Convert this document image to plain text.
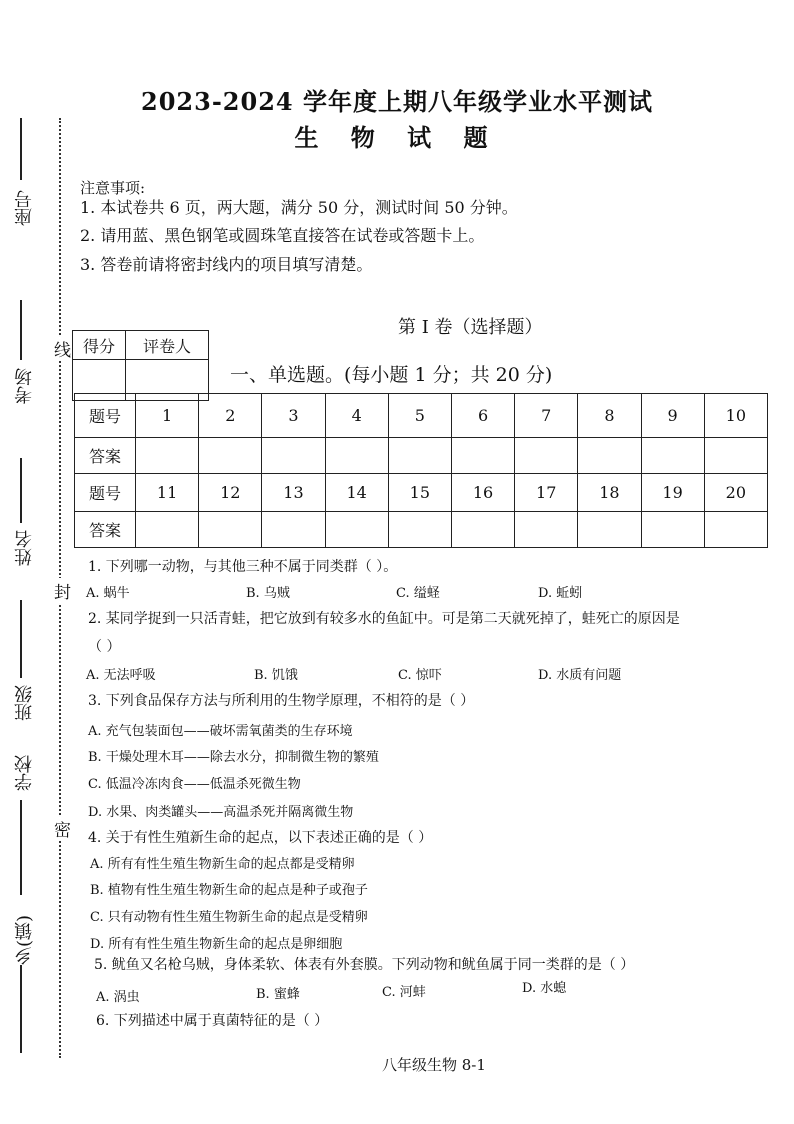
2023-2024 学年度上期八年级学业水平测试
生 物 试 题
注意事项:
1. 本试卷共 6 页，两大题，满分 50 分，测试时间 50 分钟。
2. 请用蓝、黑色钢笔或圆珠笔直接答在试卷或答题卡上。
3. 答卷前请将密封线内的项目填写清楚。
座号
考场
姓名
班级
学校
乡(镇)
线
封
密
第 I 卷（选择题）
得分	评卷人

一、单选题。(每小题 1 分；共 20 分)
题号	1	2	3	4	5	6	7	8	9	10
答案										
题号	11	12	13	14	15	16	17	18	19	20
答案										
1. 下列哪一动物，与其他三种不属于同类群（ ）。
A. 蜗牛	B. 乌贼	C. 缢蛏	D. 蚯蚓
2. 某同学捉到一只活青蛙，把它放到有较多水的鱼缸中。可是第二天就死掉了，蛙死亡的原因是
（ ）
A. 无法呼吸	B. 饥饿	C. 惊吓	D. 水质有问题
3. 下列食品保存方法与所利用的生物学原理，不相符的是（ ）
A. 充气包装面包——破坏需氧菌类的生存环境
B. 干燥处理木耳——除去水分，抑制微生物的繁殖
C. 低温冷冻肉食——低温杀死微生物
D. 水果、肉类罐头——高温杀死并隔离微生物
4. 关于有性生殖新生命的起点，以下表述正确的是（ ）
A. 所有有性生殖生物新生命的起点都是受精卵
B. 植物有性生殖生物新生命的起点是种子或孢子
C. 只有动物有性生殖生物新生命的起点是受精卵
D. 所有有性生殖生物新生命的起点是卵细胞
5. 鱿鱼又名枪乌贼，身体柔软、体表有外套膜。下列动物和鱿鱼属于同一类群的是（ ）
A. 涡虫	B. 蜜蜂	C. 河蚌	D. 水螅
6. 下列描述中属于真菌特征的是（ ）
八年级生物 8-1
